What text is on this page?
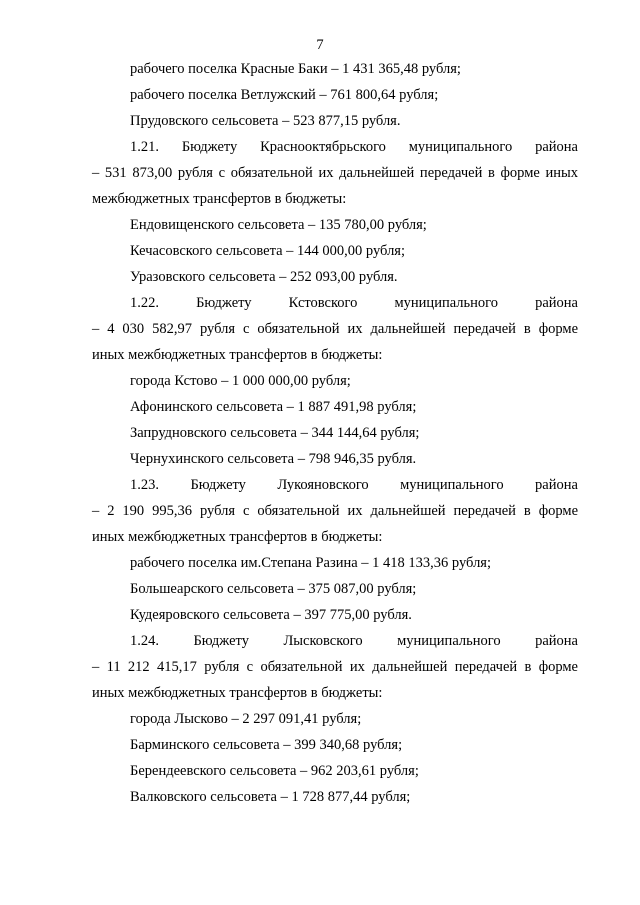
7
рабочего поселка Красные Баки – 1 431 365,48 рубля;
рабочего поселка Ветлужский – 761 800,64 рубля;
Прудовского сельсовета – 523 877,15 рубля.
1.21. Бюджету Краснооктябрьского муниципального района
– 531 873,00 рубля с обязательной их дальнейшей передачей в форме иных
межбюджетных трансфертов в бюджеты:
Ендовищенского сельсовета – 135 780,00 рубля;
Кечасовского сельсовета – 144 000,00 рубля;
Уразовского сельсовета – 252 093,00 рубля.
1.22.	Бюджету	Кстовского	муниципального	района
– 4 030 582,97 рубля с обязательной их дальнейшей передачей в форме
иных межбюджетных трансфертов в бюджеты:
города Кстово – 1 000 000,00 рубля;
Афонинского сельсовета – 1 887 491,98 рубля;
Запрудновского сельсовета – 344 144,64 рубля;
Чернухинского сельсовета – 798 946,35 рубля.
1.23. Бюджету Лукояновского муниципального района
– 2 190 995,36 рубля с обязательной их дальнейшей передачей в форме
иных межбюджетных трансфертов в бюджеты:
рабочего поселка им.Степана Разина – 1 418 133,36 рубля;
Большеарского сельсовета – 375 087,00 рубля;
Кудеяровского сельсовета – 397 775,00 рубля.
1.24. Бюджету Лысковского муниципального района
– 11 212 415,17 рубля с обязательной их дальнейшей передачей в форме
иных межбюджетных трансфертов в бюджеты:
города Лысково – 2 297 091,41 рубля;
Барминского сельсовета – 399 340,68 рубля;
Берендеевского сельсовета – 962 203,61 рубля;
Валковского сельсовета – 1 728 877,44 рубля;
